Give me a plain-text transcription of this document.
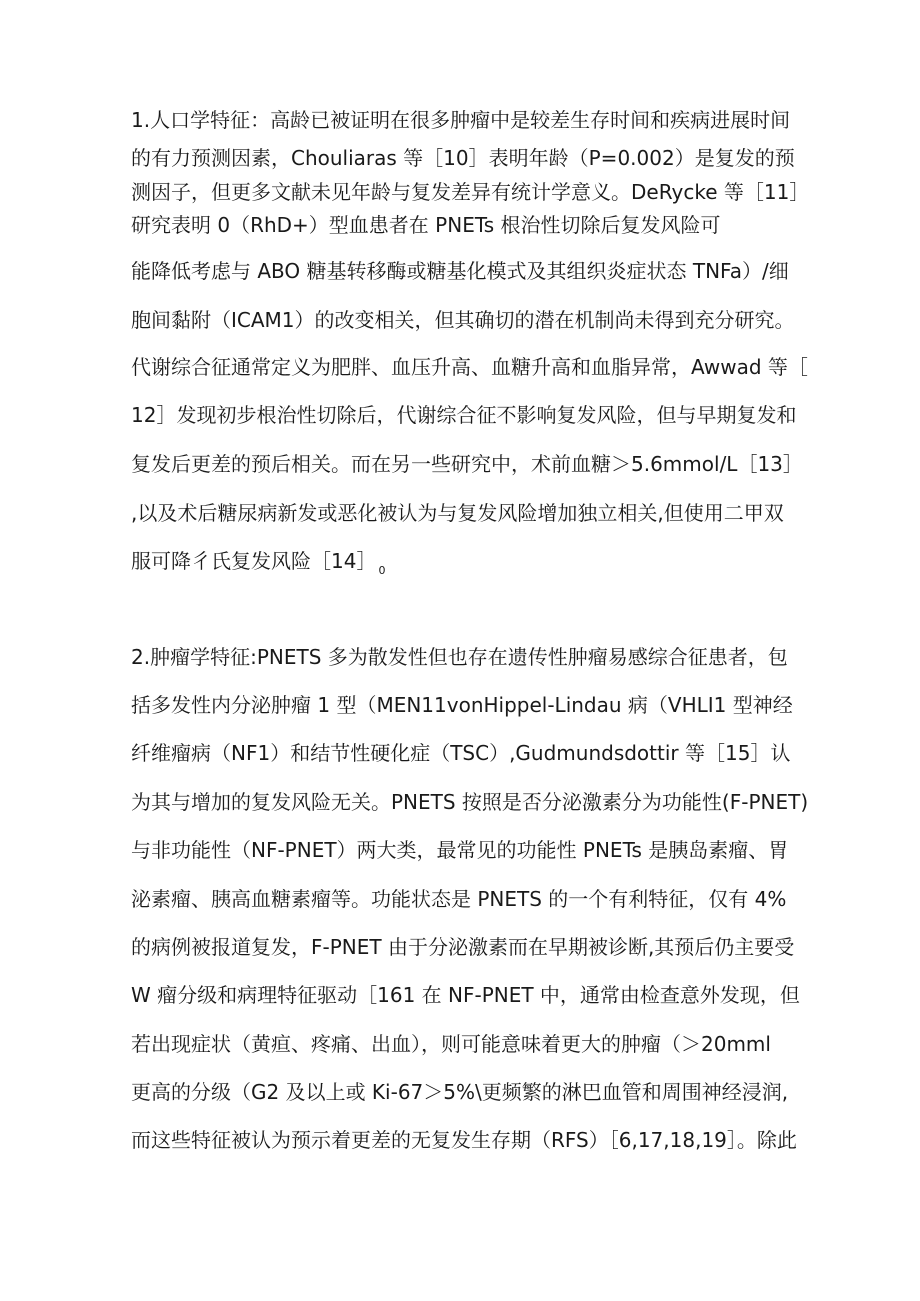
1.人口学特征：高龄已被证明在很多肿瘤中是较差生存时间和疾病进展时间
的有力预测因素，Chouliaras 等［10］表明年龄（P=0.002）是复发的预
测因子，但更多文献未见年龄与复发差异有统计学意义。DeRycke 等［11］
研究表明 0（RhD+）型血患者在 PNETs 根治性切除后复发风险可
能降低考虑与 ABO 糖基转移酶或糖基化模式及其组织炎症状态 TNFa）/细
胞间黏附（ICAM1）的改变相关，但其确切的潜在机制尚未得到充分研究。
代谢综合征通常定义为肥胖、血压升高、血糖升高和血脂异常，Awwad 等［
12］发现初步根治性切除后，代谢综合征不影响复发风险，但与早期复发和
复发后更差的预后相关。而在另一些研究中，术前血糖＞5.6mmol/L［13］
,以及术后糖尿病新发或恶化被认为与复发风险增加独立相关,但使用二甲双
服可降彳氏复发风险［14］ $_0$
2.肿瘤学特征:PNETS 多为散发性但也存在遗传性肿瘤易感综合征患者，包
括多发性内分泌肿瘤 1 型（MEN11vonHippel-Lindau 病（VHLI1 型神经
纤维瘤病（NF1）和结节性硬化症（TSC）,Gudmundsdottir 等［15］认
为其与增加的复发风险无关。PNETS 按照是否分泌激素分为功能性(F-PNET)
与非功能性（NF-PNET）两大类，最常见的功能性 PNETs 是胰岛素瘤、胃
泌素瘤、胰高血糖素瘤等。功能状态是 PNETS 的一个有利特征，仅有 4%
的病例被报道复发，F-PNET 由于分泌激素而在早期被诊断,其预后仍主要受
W 瘤分级和病理特征驱动［161 在 NF-PNET 中，通常由检查意外发现，但
若出现症状（黄疸、疼痛、出血），则可能意味着更大的肿瘤（＞20mml
更高的分级（G2 及以上或 Ki-67＞5%\更频繁的淋巴血管和周围神经浸润,
而这些特征被认为预示着更差的无复发生存期（RFS）［6,17,18,19］。除此
